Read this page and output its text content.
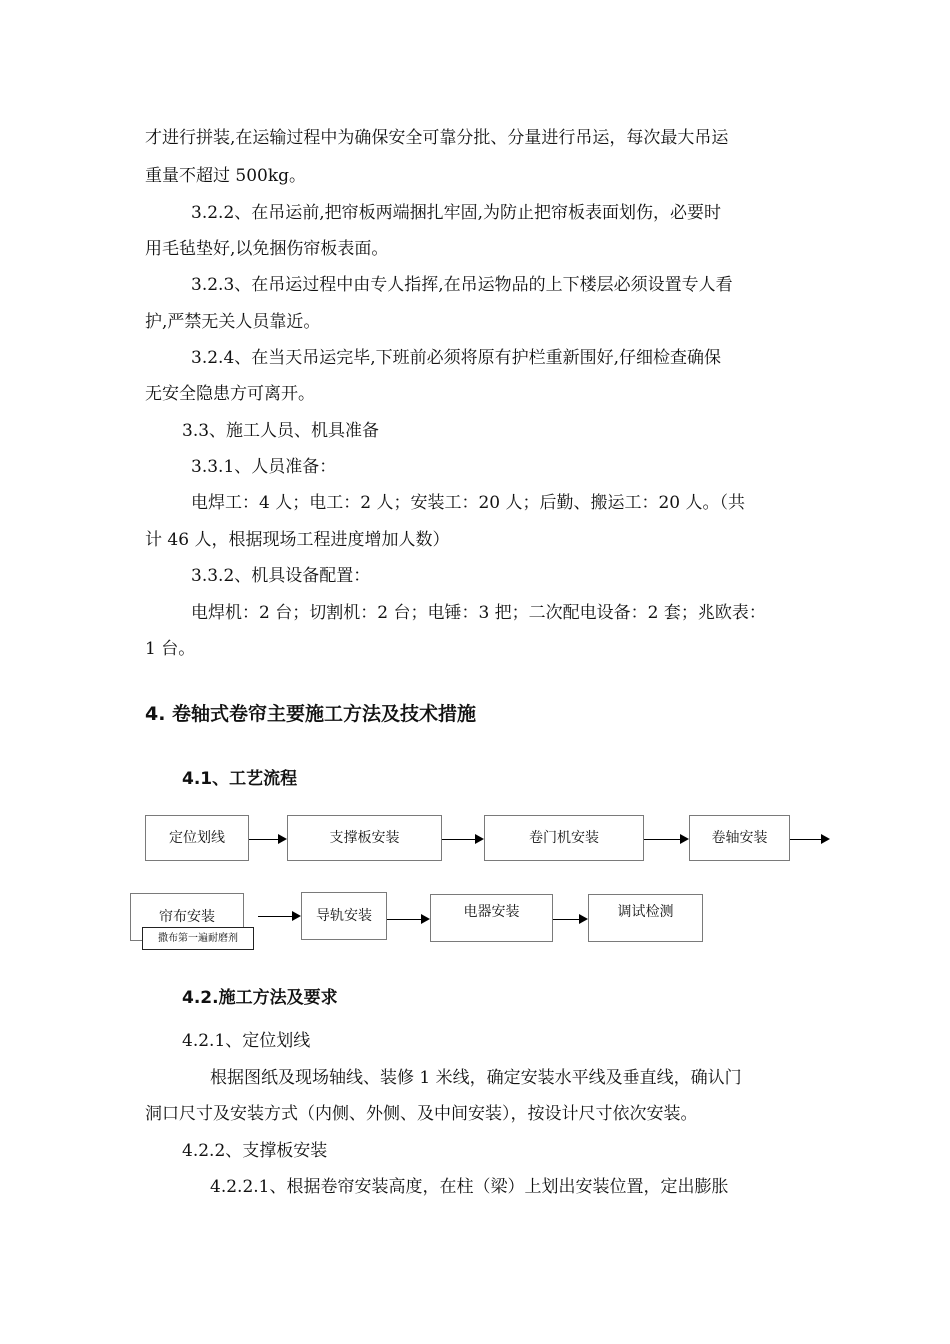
才进行拼装,在运输过程中为确保安全可靠分批、分量进行吊运，每次最大吊运
重量不超过 500kg。
3.2.2、在吊运前,把帘板两端捆扎牢固,为防止把帘板表面划伤，必要时
用毛毡垫好,以免捆伤帘板表面。
3.2.3、在吊运过程中由专人指挥,在吊运物品的上下楼层必须设置专人看
护,严禁无关人员靠近。
3.2.4、在当天吊运完毕,下班前必须将原有护栏重新围好,仔细检查确保
无安全隐患方可离开。
3.3、施工人员、机具准备
3.3.1、人员准备：
电焊工：4 人；电工：2 人；安装工：20 人；后勤、搬运工：20 人。（共
计 46 人，根据现场工程进度增加人数）
3.3.2、机具设备配置：
电焊机：2 台；切割机：2 台；电锤：3 把；二次配电设备：2 套；兆欧表：
1 台。
4. 卷轴式卷帘主要施工方法及技术措施
4.1、工艺流程
定位划线	支撑板安装	卷门机安装	卷轴安装
帘布安装
撒布第一遍耐磨剂
导轨安装	电器安装	调试检测
4.2.施工方法及要求
4.2.1、定位划线
根据图纸及现场轴线、装修 1 米线，确定安装水平线及垂直线，确认门
洞口尺寸及安装方式（内侧、外侧、及中间安装），按设计尺寸依次安装。
4.2.2、支撑板安装
4.2.2.1、根据卷帘安装高度，在柱（梁）上划出安装位置，定出膨胀
